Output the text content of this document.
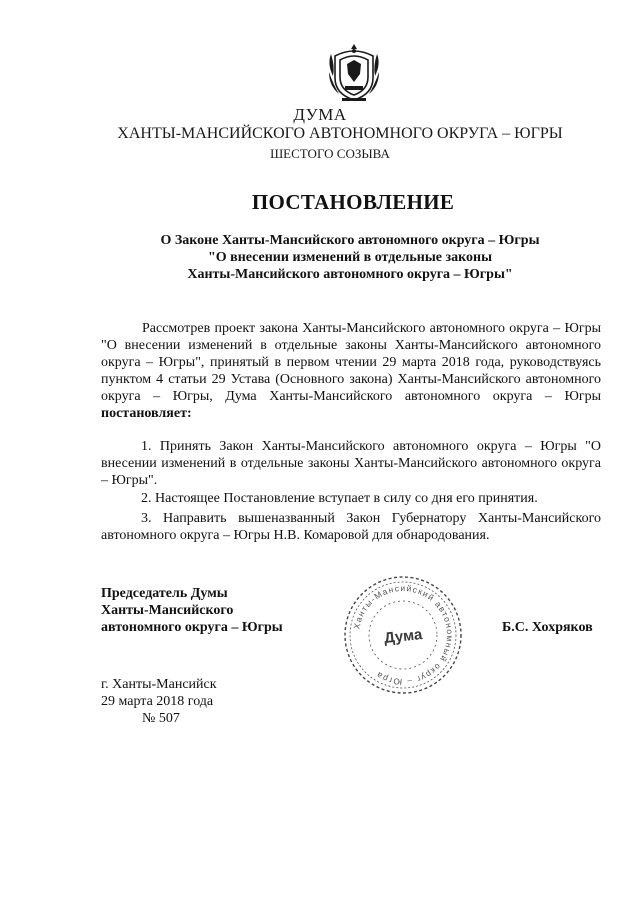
ДУМА
ХАНТЫ-МАНСИЙСКОГО АВТОНОМНОГО ОКРУГА – ЮГРЫ
ШЕСТОГО СОЗЫВА
ПОСТАНОВЛЕНИЕ
О Законе Ханты-Мансийского автономного округа – Югры
"О внесении изменений в отдельные законы
Ханты-Мансийского автономного округа – Югры"
Рассмотрев проект закона Ханты-Мансийского автономного округа – Югры "О внесении изменений в отдельные законы Ханты-Мансийского автономного округа – Югры", принятый в первом чтении 29 марта 2018 года, руководствуясь пунктом 4 статьи 29 Устава (Основного закона) Ханты-Мансийского автономного округа – Югры, Дума Ханты-Мансийского автономного округа – Югры постановляет:
1. Принять Закон Ханты-Мансийского автономного округа – Югры "О внесении изменений в отдельные законы Ханты-Мансийского автономного округа – Югры".
2. Настоящее Постановление вступает в силу со дня его принятия.
3. Направить вышеназванный Закон Губернатору Ханты-Мансийского автономного округа – Югры Н.В. Комаровой для обнародования.
Председатель Думы
Ханты-Мансийского
автономного округа – Югры	Ханты-Мансийский автономный округ – Югра
Дума	Б.С. Хохряков
г. Ханты-Мансийск
29 марта 2018 года
№ 507
